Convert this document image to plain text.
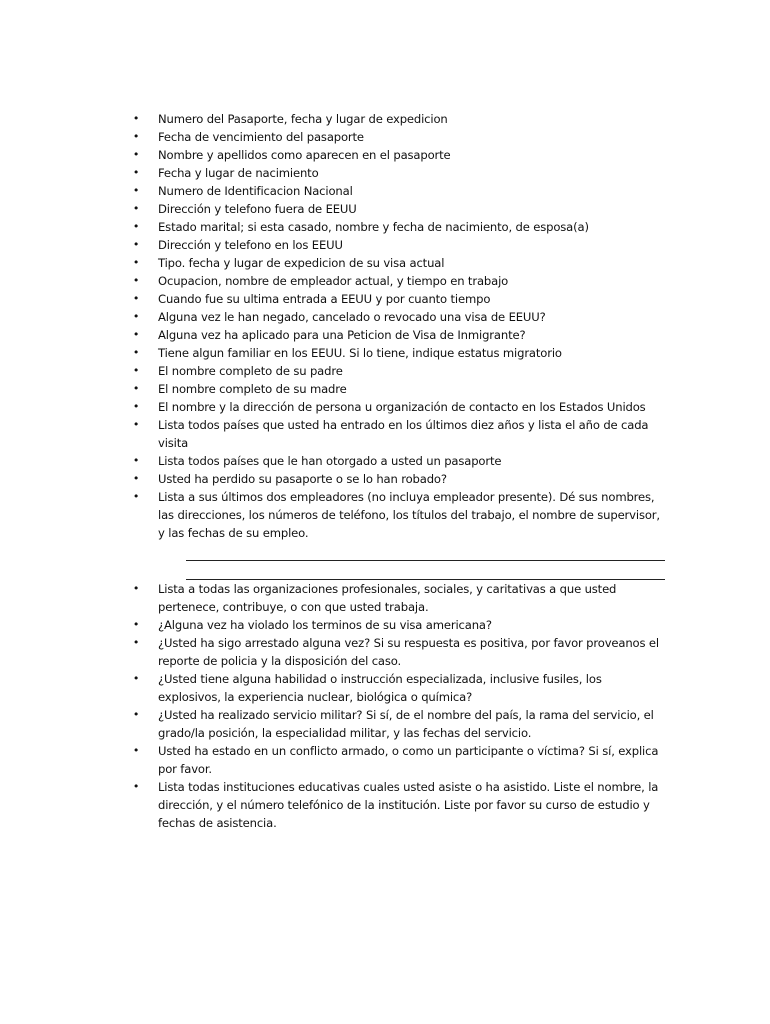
• Numero del Pasaporte, fecha y lugar de expedicion
• Fecha de vencimiento del pasaporte
• Nombre y apellidos como aparecen en el pasaporte
• Fecha y lugar de nacimiento
• Numero de Identificacion Nacional
• Dirección y telefono fuera de EEUU
• Estado marital; si esta casado, nombre y fecha de nacimiento, de esposa(a)
• Dirección y telefono en los EEUU
• Tipo. fecha y lugar de expedicion de su visa actual
• Ocupacion, nombre de empleador actual, y tiempo en trabajo
• Cuando fue su ultima entrada a EEUU y por cuanto tiempo
• Alguna vez le han negado, cancelado o revocado una visa de EEUU?
• Alguna vez ha aplicado para una Peticion de Visa de Inmigrante?
• Tiene algun familiar en los EEUU. Si lo tiene, indique estatus migratorio
• El nombre completo de su padre
• El nombre completo de su madre
• El nombre y la dirección de persona u organización de contacto en los Estados Unidos
• Lista todos países que usted ha entrado en los últimos diez años y lista el año de cada visita
• Lista todos países que le han otorgado a usted un pasaporte
• Usted ha perdido su pasaporte o se lo han robado?
• Lista a sus últimos dos empleadores (no incluya empleador presente). Dé sus nombres, las direcciones, los números de teléfono, los títulos del trabajo, el nombre de supervisor, y las fechas de su empleo.
• Lista a todas las organizaciones profesionales, sociales, y caritativas a que usted pertenece, contribuye, o con que usted trabaja.
• ¿Alguna vez ha violado los terminos de su visa americana?
• ¿Usted ha sigo arrestado alguna vez? Si su respuesta es positiva, por favor proveanos el reporte de policia y la disposición del caso.
• ¿Usted tiene alguna habilidad o instrucción especializada, inclusive fusiles, los explosivos, la experiencia nuclear, biológica o química?
• ¿Usted ha realizado servicio militar? Si sí, de el nombre del país, la rama del servicio, el grado/la posición, la especialidad militar, y las fechas del servicio.
• Usted ha estado en un conflicto armado, o como un participante o víctima? Si sí, explica por favor.
• Lista todas instituciones educativas cuales usted asiste o ha asistido. Liste el nombre, la dirección, y el número telefónico de la institución. Liste por favor su curso de estudio y fechas de asistencia.
